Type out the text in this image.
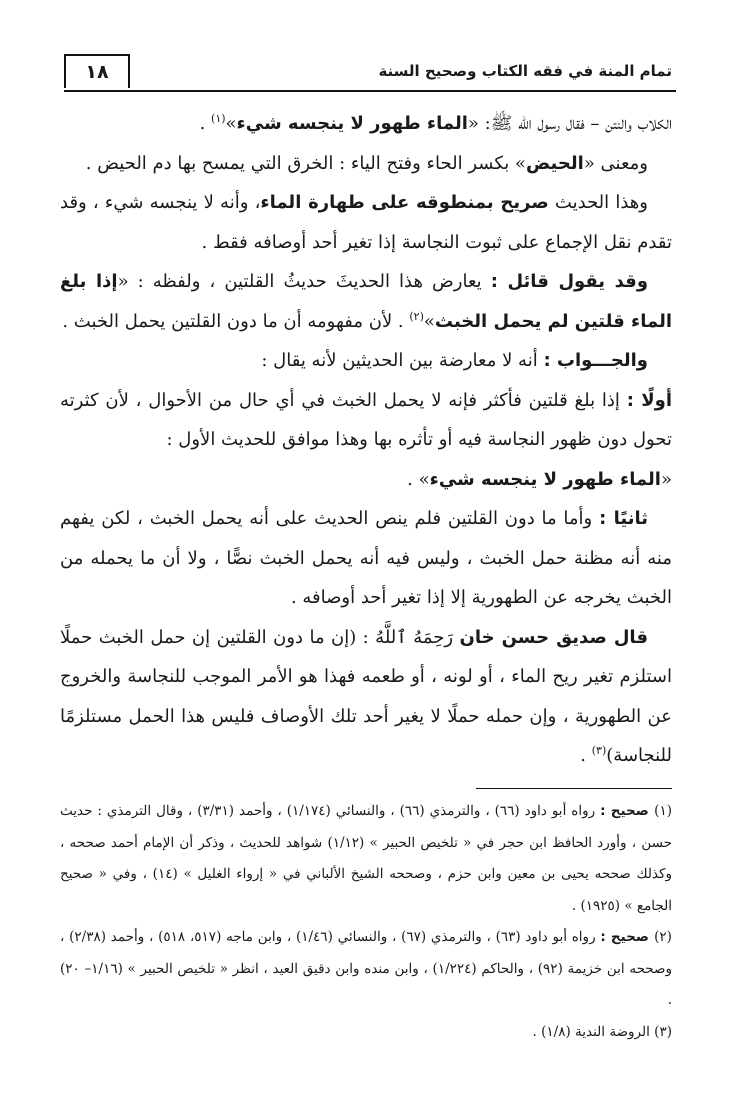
١٨	تمام المنة في فقه الكتاب وصحيح السنة

الكلاب والنتن – فقال رسول الله ﷺ: «الماء طهور لا ينجسه شيء»$^{(١)}$ .

ومعنى «الحيض» بكسر الحاء وفتح الياء : الخرق التي يمسح بها دم الحيض .

وهذا الحديث صريح بمنطوقه على طهارة الماء، وأنه لا ينجسه شيء ، وقد تقدم نقل الإجماع على ثبوت النجاسة إذا تغير أحد أوصافه فقط .

وقد يقول قائل : يعارض هذا الحديثَ حديثُ القلتين ، ولفظه : «إذا بلغ الماء قلتين لم يحمل الخبث»$^{(٢)}$ . لأن مفهومه أن ما دون القلتين يحمل الخبث .

والجـــواب : أنه لا معارضة بين الحديثين لأنه يقال :

أولًا : إذا بلغ قلتين فأكثر فإنه لا يحمل الخبث في أي حال من الأحوال ، لأن كثرته تحول دون ظهور النجاسة فيه أو تأثره بها وهذا موافق للحديث الأول :
«الماء طهور لا ينجسه شيء» .

ثانيًا : وأما ما دون القلتين فلم ينص الحديث على أنه يحمل الخبث ، لكن يفهم منه أنه مظنة حمل الخبث ، وليس فيه أنه يحمل الخبث نصًّا ، ولا أن ما يحمله من الخبث يخرجه عن الطهورية إلا إذا تغير أحد أوصافه .

قال صديق حسن خان رَحِمَهُ ٱللَّهُ : (إن ما دون القلتين إن حمل الخبث حملًا استلزم تغير ريح الماء ، أو لونه ، أو طعمه فهذا هو الأمر الموجب للنجاسة والخروج عن الطهورية ، وإن حمله حملًا لا يغير أحد تلك الأوصاف فليس هذا الحمل مستلزمًا للنجاسة)$^{(٣)}$ .

(١) صحيح : رواه أبو داود (٦٦) ، والترمذي (٦٦) ، والنسائي (١/١٧٤) ، وأحمد (٣/٣١) ، وقال الترمذي : حديث حسن ، وأورد الحافظ ابن حجر في « تلخيص الحبير » (١/١٢) شواهد للحديث ، وذكر أن الإمام أحمد صححه ، وكذلك صححه يحيى بن معين وابن حزم ، وصححه الشيخ الألباني في « إرواء الغليل » (١٤) ، وفي « صحيح الجامع » (١٩٢٥) .

(٢) صحيح : رواه أبو داود (٦٣) ، والترمذي (٦٧) ، والنسائي (١/٤٦) ، وابن ماجه (٥١٧، ٥١٨) ، وأحمد (٢/٣٨) ، وصححه ابن خزيمة (٩٢) ، والحاكم (١/٢٢٤) ، وابن منده وابن دقيق العيد ، انظر « تلخيص الحبير » (١/١٦– ٢٠) .

(٣) الروضة الندية (١/٨) .
